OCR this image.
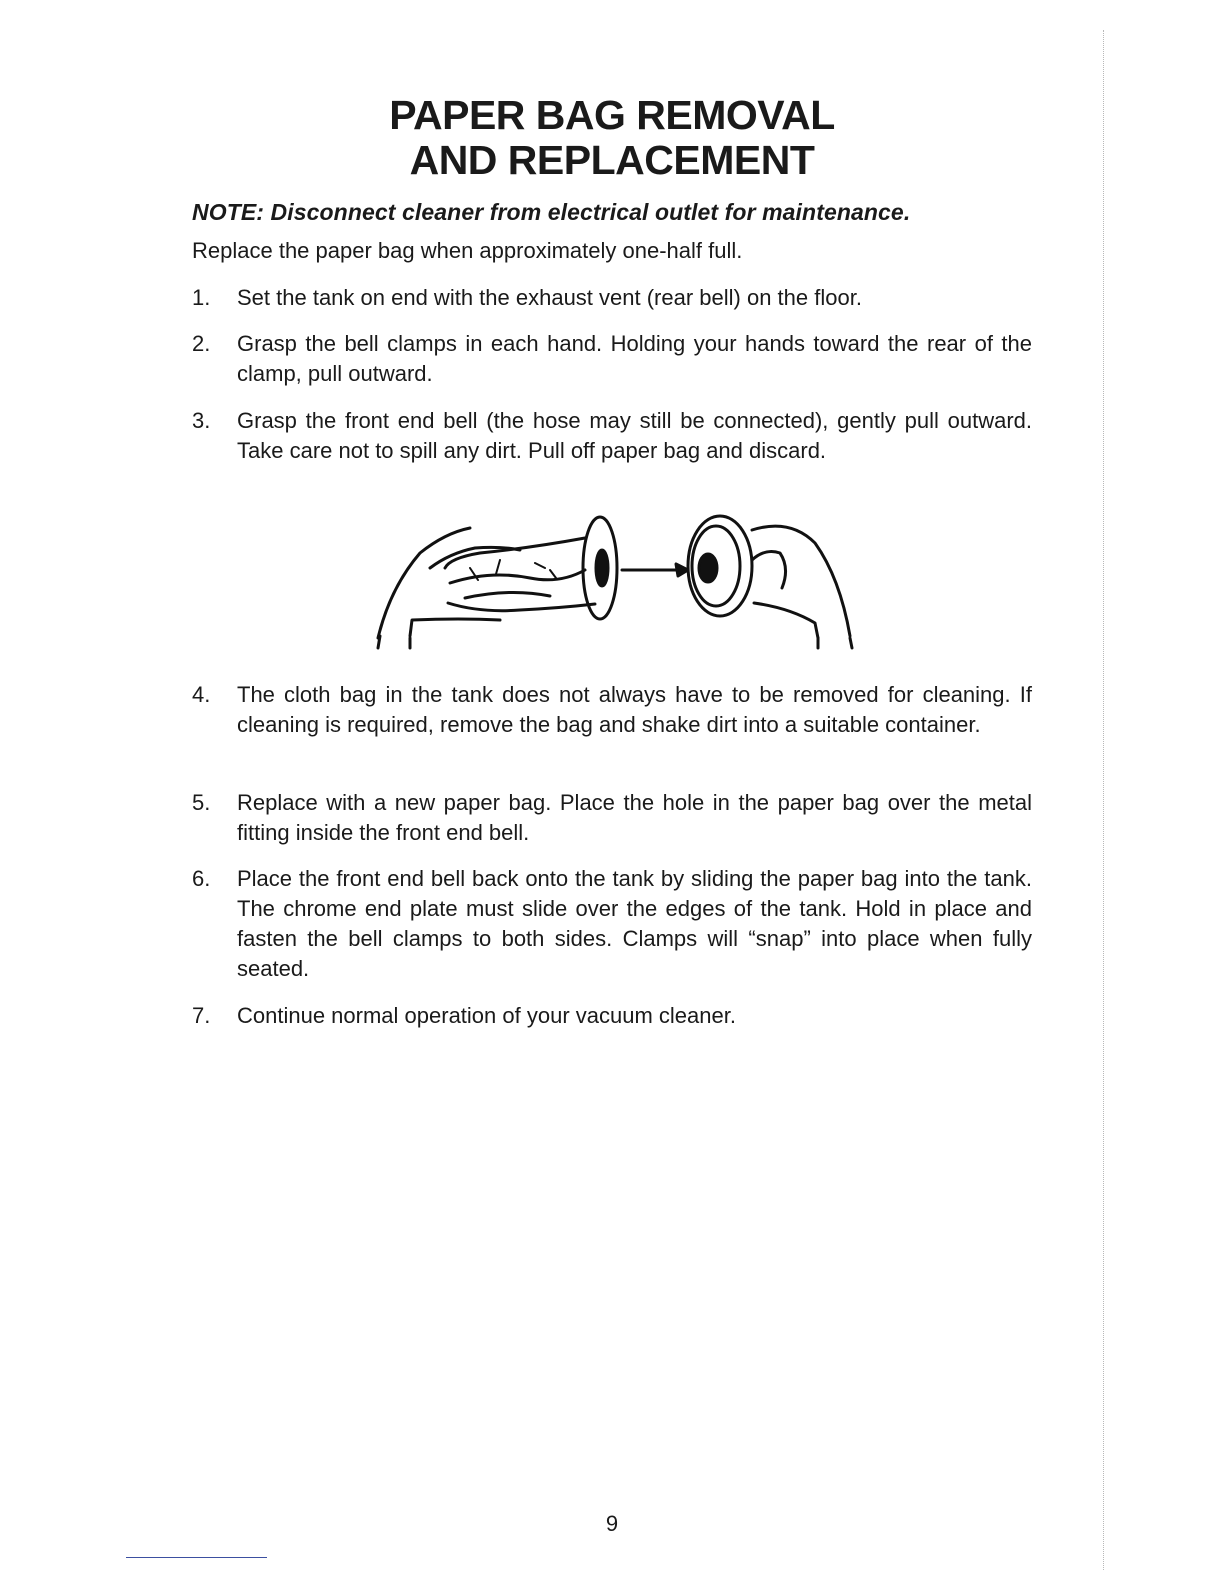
PAPER BAG REMOVAL
AND REPLACEMENT
NOTE: Disconnect cleaner from electrical outlet for maintenance.
Replace the paper bag when approximately one-half full.
1.	Set the tank on end with the exhaust vent (rear bell) on the floor.
2.	Grasp the bell clamps in each hand. Holding your hands toward the rear of the clamp, pull outward.
3.	Grasp the front end bell (the hose may still be connected), gently pull outward. Take care not to spill any dirt. Pull off paper bag and discard.
4.	The cloth bag in the tank does not always have to be removed for cleaning. If cleaning is required, remove the bag and shake dirt into a suitable container.
5.	Replace with a new paper bag. Place the hole in the paper bag over the metal fitting inside the front end bell.
6.	Place the front end bell back onto the tank by sliding the paper bag into the tank. The chrome end plate must slide over the edges of the tank. Hold in place and fasten the bell clamps to both sides. Clamps will “snap” into place when fully seated.
7.	Continue normal operation of your vacuum cleaner.
9
